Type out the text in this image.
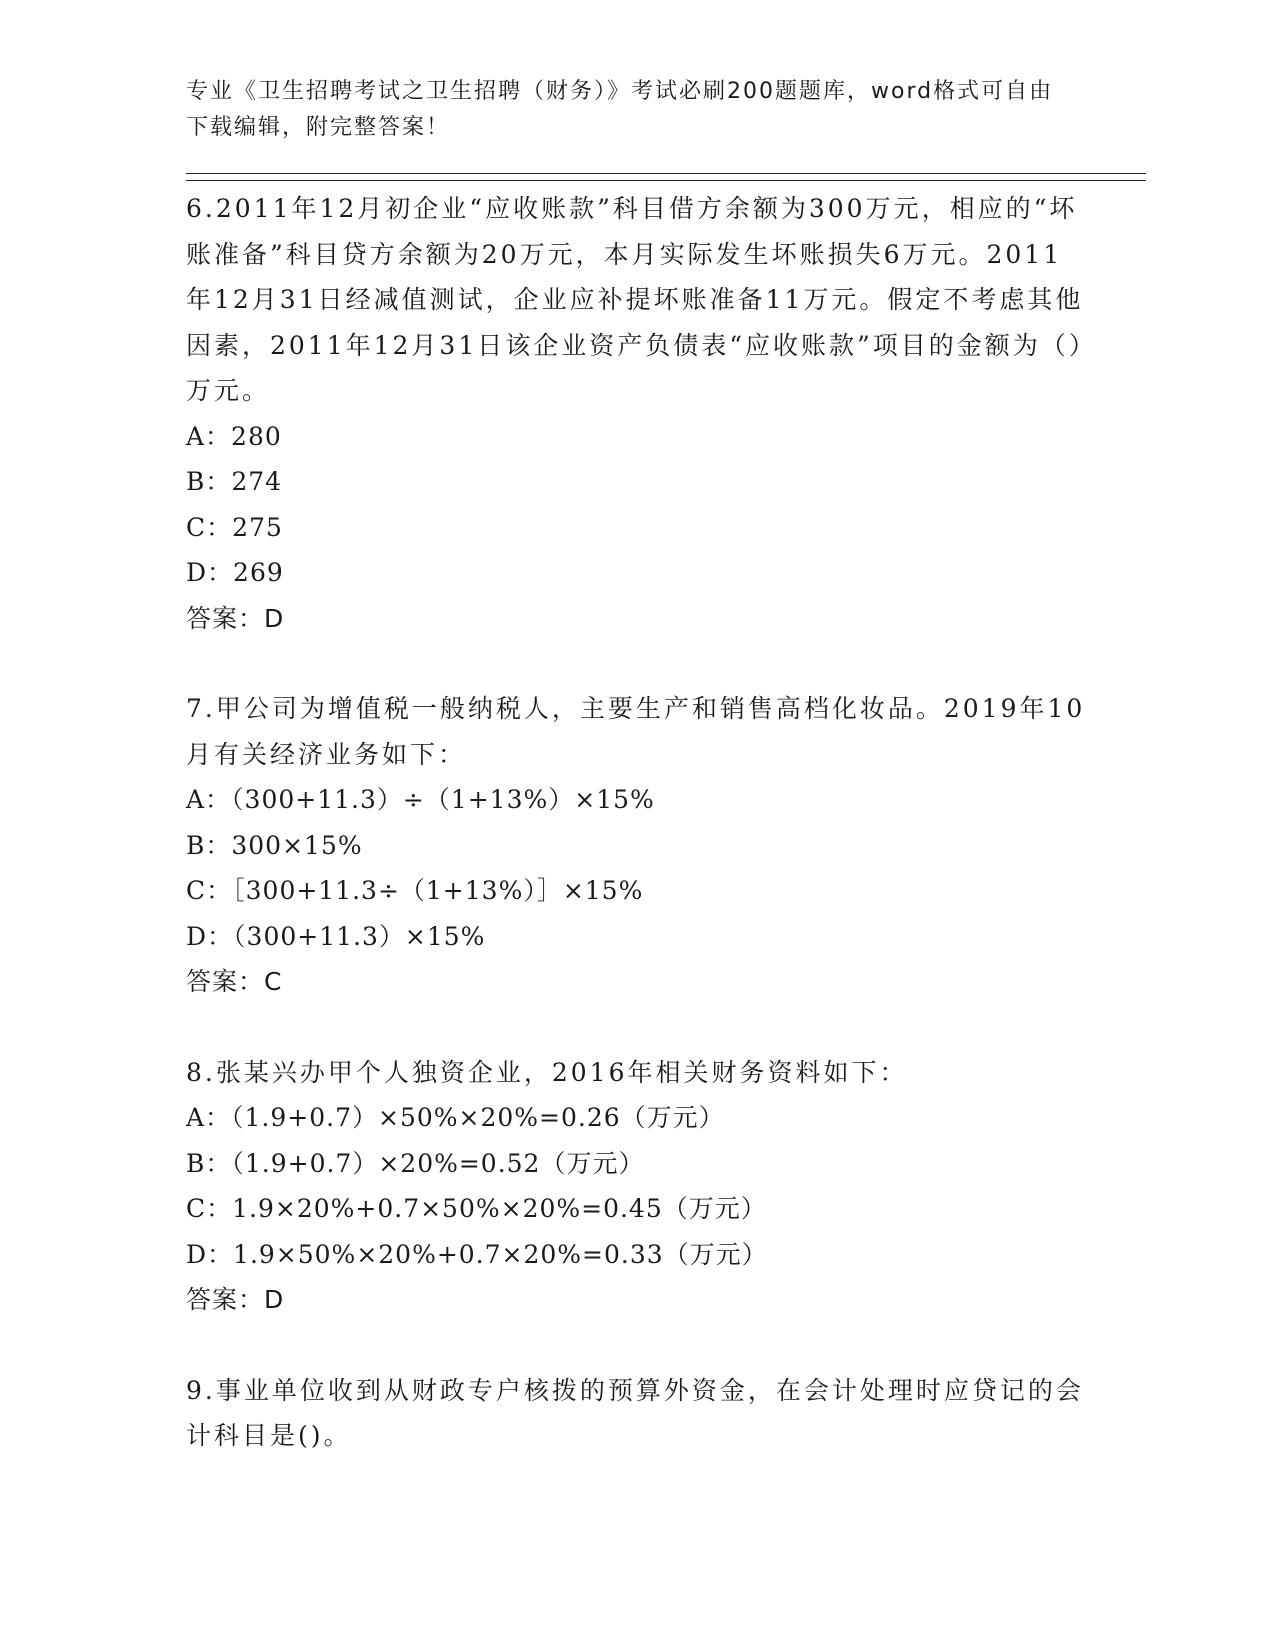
专业《卫生招聘考试之卫生招聘（财务）》考试必刷200题题库，word格式可自由下载编辑，附完整答案！

6.2011年12月初企业“应收账款”科目借方余额为300万元，相应的“坏账准备”科目贷方余额为20万元，本月实际发生坏账损失6万元。2011年12月31日经减值测试，企业应补提坏账准备11万元。假定不考虑其他因素，2011年12月31日该企业资产负债表“应收账款”项目的金额为（）万元。

A：280

B：274

C：275

D：269

答案：D

7.甲公司为增值税一般纳税人，主要生产和销售高档化妆品。2019年10月有关经济业务如下：

A：（300+11.3）÷（1+13%）×15%

B：300×15%

C：［300+11.3÷（1+13%）］×15%

D：（300+11.3）×15%

答案：C

8.张某兴办甲个人独资企业，2016年相关财务资料如下：

A：（1.9+0.7）×50%×20%=0.26（万元）

B：（1.9+0.7）×20%=0.52（万元）

C：1.9×20%+0.7×50%×20%=0.45（万元）

D：1.9×50%×20%+0.7×20%=0.33（万元）

答案：D

9.事业单位收到从财政专户核拨的预算外资金，在会计处理时应贷记的会计科目是()。
